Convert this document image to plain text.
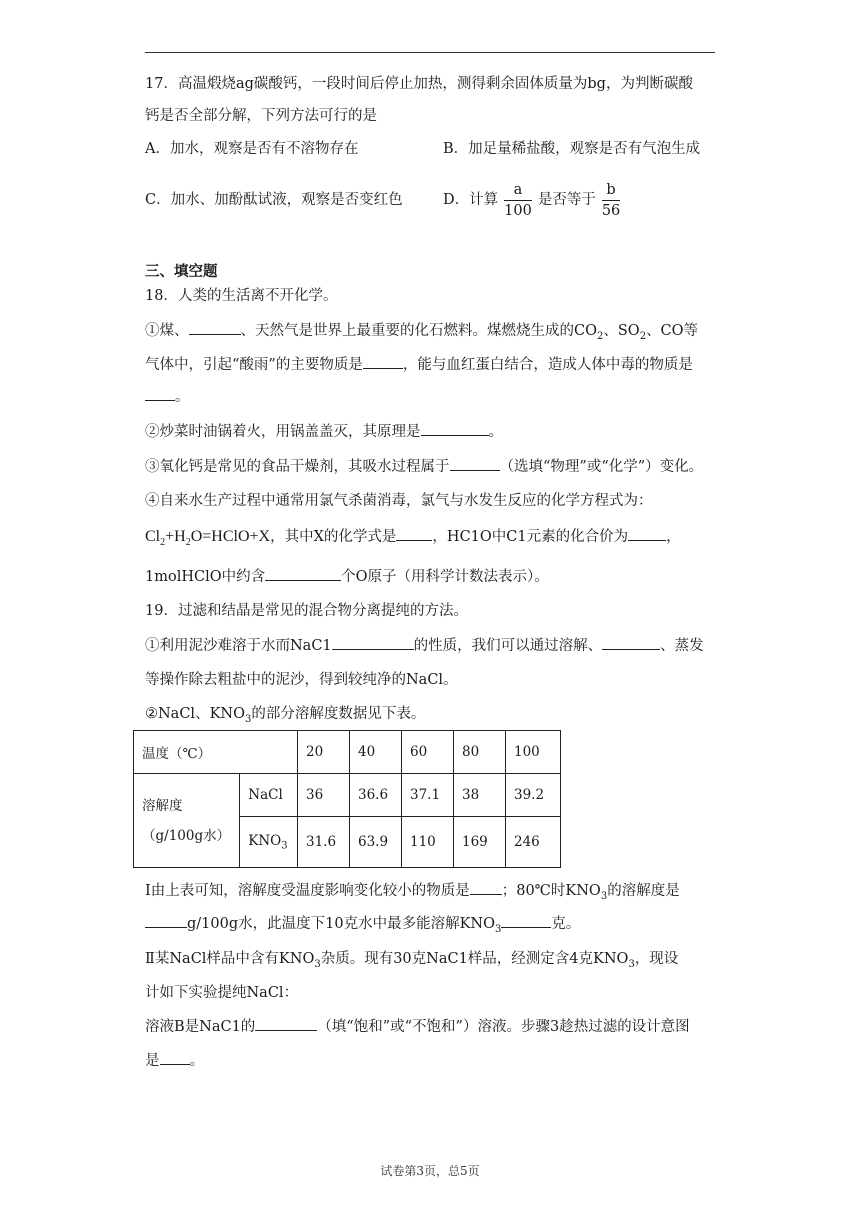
17．高温煅烧ag碳酸钙，一段时间后停止加热，测得剩余固体质量为bg，为判断碳酸
钙是否全部分解，下列方法可行的是
A．加水，观察是否有不溶物存在	B．加足量稀盐酸，观察是否有气泡生成
C．加水、加酚酞试液，观察是否变红色	D．计算 $\frac{a}{100}$ 是否等于 $\frac{b}{56}$
三、填空题
18．人类的生活离不开化学。
①煤、	、天然气是世界上最重要的化石燃料。煤燃烧生成的$CO_2$、$SO_2$、CO等
气体中，引起“酸雨”的主要物质是	，能与血红蛋白结合，造成人体中毒的物质是
。
②炒菜时油锅着火，用锅盖盖灭，其原理是	。
③氧化钙是常见的食品干燥剂，其吸水过程属于	（选填“物理”或“化学”）变化。
④自来水生产过程中通常用氯气杀菌消毒，氯气与水发生反应的化学方程式为：
$Cl_2+H_2O=HClO+X$，其中X的化学式是 ，HC1O中C1元素的化合价为	，
1molHClO中约含	个O原子（用科学计数法表示）。
19．过滤和结晶是常见的混合物分离提纯的方法。
①利用泥沙难溶于水而NaC1	的性质，我们可以通过溶解、	、蒸发
等操作除去粗盐中的泥沙，得到较纯净的NaCl。
②NaCl、$KNO_3$的部分溶解度数据见下表。
温度（℃）		20	40	60	80	100

溶解度
（g/100g水）	NaCl	36	36.6	37.1	38	39.2
	$KNO_3$	31.6	63.9	110	169	246
Ⅰ由上表可知，溶解度受温度影响变化较小的物质是 ；80℃时$KNO_3$的溶解度是
g/100g水，此温度下10克水中最多能溶解$KNO_3$	克。
Ⅱ某NaCl样品中含有$KNO_3$杂质。现有30克NaC1样品，经测定含4克$KNO_3$，现设
计如下实验提纯NaCl：
溶液B是NaC1的	（填“饱和”或“不饱和”）溶液。步骤3趁热过滤的设计意图
是 。
试卷第3页，总5页
